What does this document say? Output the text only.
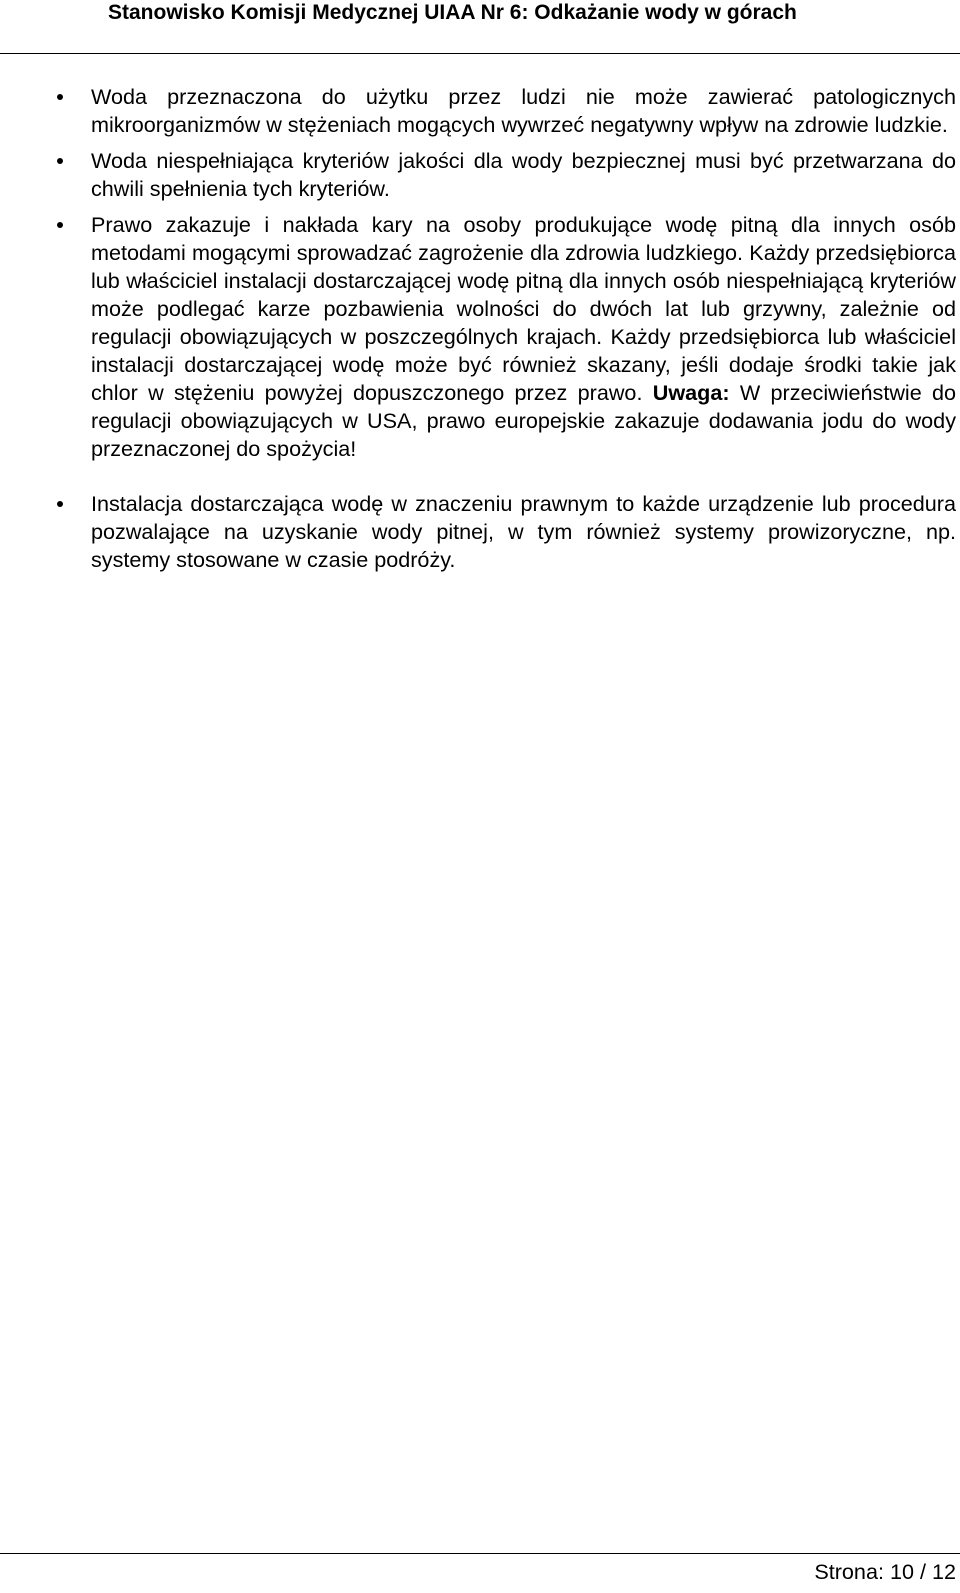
Stanowisko Komisji Medycznej UIAA Nr 6: Odkażanie wody w górach
Woda przeznaczona do użytku przez ludzi nie może zawierać patologicznych mikroorganizmów w stężeniach mogących wywrzeć negatywny wpływ na zdrowie ludzkie.
Woda niespełniająca kryteriów jakości dla wody bezpiecznej musi być przetwarzana do chwili spełnienia tych kryteriów.
Prawo zakazuje i nakłada kary na osoby produkujące wodę pitną dla innych osób metodami mogącymi sprowadzać zagrożenie dla zdrowia ludzkiego. Każdy przedsiębiorca lub właściciel instalacji dostarczającej wodę pitną dla innych osób niespełniającą kryteriów może podlegać karze pozbawienia wolności do dwóch lat lub grzywny, zależnie od regulacji obowiązujących w poszczególnych krajach. Każdy przedsiębiorca lub właściciel instalacji dostarczającej wodę może być również skazany, jeśli dodaje środki takie jak chlor w stężeniu powyżej dopuszczonego przez prawo. Uwaga: W przeciwieństwie do regulacji obowiązujących w USA, prawo europejskie zakazuje dodawania jodu do wody przeznaczonej do spożycia!
Instalacja dostarczająca wodę w znaczeniu prawnym to każde urządzenie lub procedura pozwalające na uzyskanie wody pitnej, w tym również systemy prowizoryczne, np. systemy stosowane w czasie podróży.
Strona: 10 / 12
